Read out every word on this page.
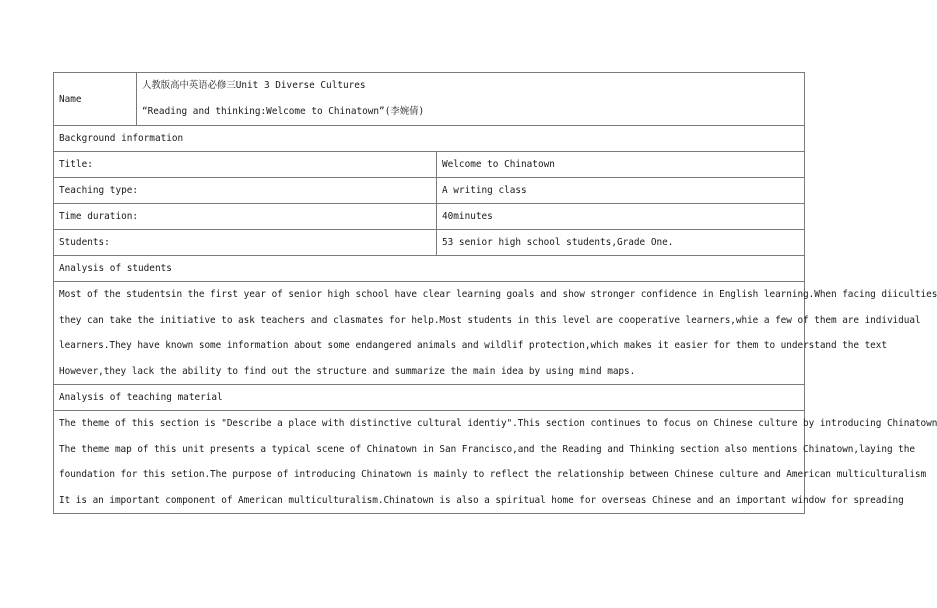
Name	人教版高中英语必修三Unit 3 Diverse Cultures
“Reading and thinking:Welcome to Chinatown”(李婉倩)	

Background information		
Title:		Welcome to Chinatown
Teaching type:		A writing class
Time duration:		40minutes
Students:		53 senior high school students,Grade One.
Analysis of students		

Most of the studentsin the first year of senior high school have clear learning goals and show stronger confidence in English learning.When facing diiculties
they can take the initiative to ask teachers and clasmates for help.Most students in this level are cooperative learners,whie a few of them are individual
learners.They have known some information about some endangered animals and wildlif protection,which makes it easier for them to understand the text
However,they lack the ability to find out the structure and summarize the main idea by using mind maps.		

Analysis of teaching material		

The theme of this section is "Describe a place with distinctive cultural identiy".This section continues to focus on Chinese culture by introducing Chinatown
The theme map of this unit presents a typical scene of Chinatown in San Francisco,and the Reading and Thinking section also mentions Chinatown,laying the
foundation for this setion.The purpose of introducing Chinatown is mainly to reflect the relationship between Chinese culture and American multiculturalism
It is an important component of American multiculturalism.Chinatown is also a spiritual home for overseas Chinese and an important window for spreading		
